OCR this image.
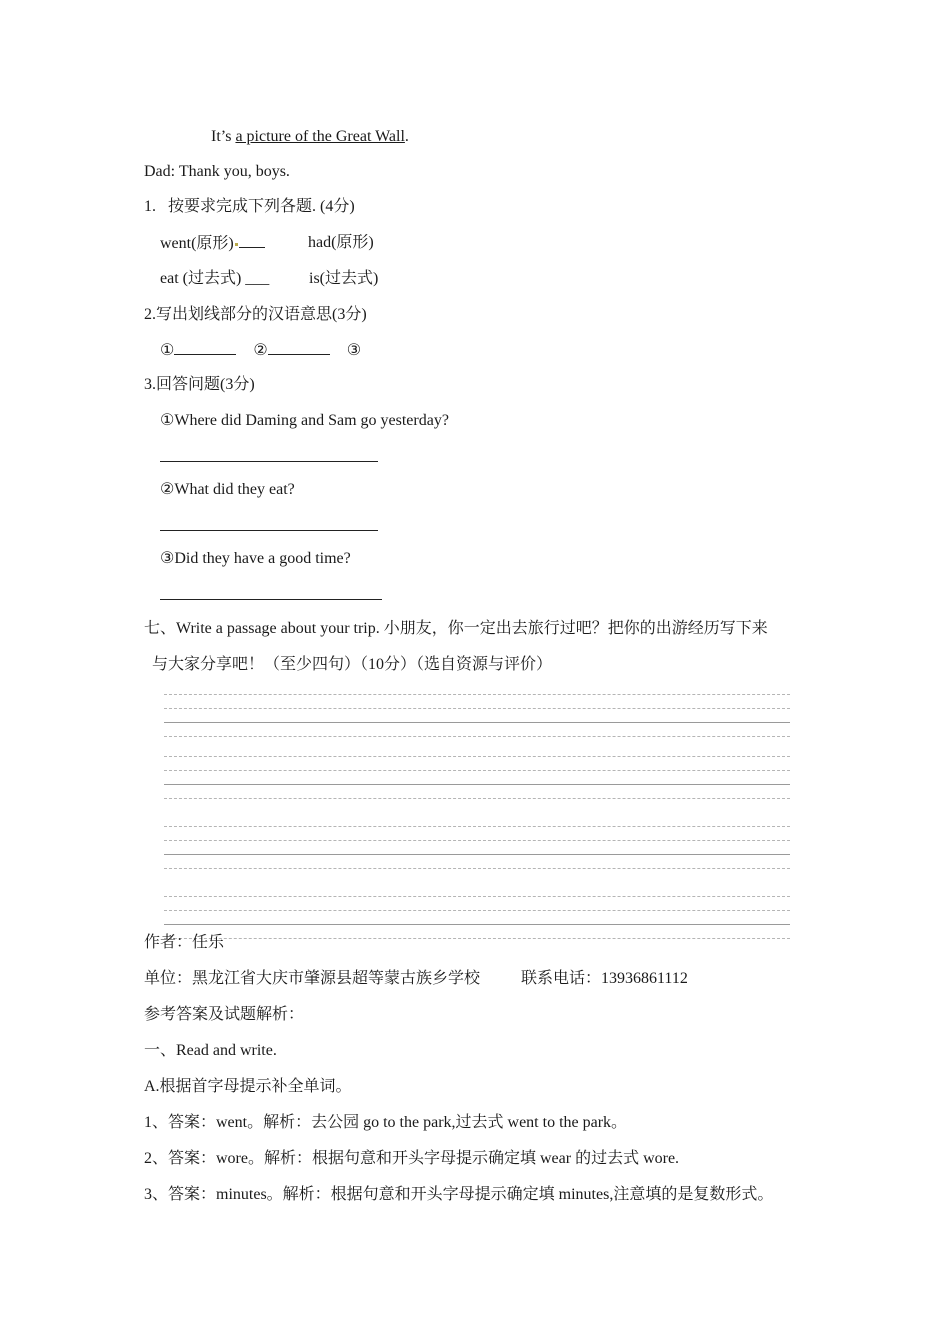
It’s a picture of the Great Wall.
Dad: Thank you, boys.
1.   按要求完成下列各题. (4分)
went(原形)	had(原形)
eat (过去式) ___ is(过去式)
2.写出划线部分的汉语意思(3分)
①	②	③
3.回答问题(3分)
①Where did Daming and Sam go yesterday?
②What did they eat?
③Did they have a good time?
七、Write a passage about your trip. 小朋友，你一定出去旅行过吧？把你的出游经历写下来
与大家分享吧！（至少四句）（10分）（选自资源与评价）
作者：任乐
单位：黑龙江省大庆市肇源县超等蒙古族乡学校	联系电话：13936861112
参考答案及试题解析：
一、Read and write.
A.根据首字母提示补全单词。
1、答案：went。解析：去公园 go to the park,过去式 went to the park。
2、答案：wore。解析：根据句意和开头字母提示确定填 wear 的过去式 wore.
3、答案：minutes。解析：根据句意和开头字母提示确定填 minutes,注意填的是复数形式。
